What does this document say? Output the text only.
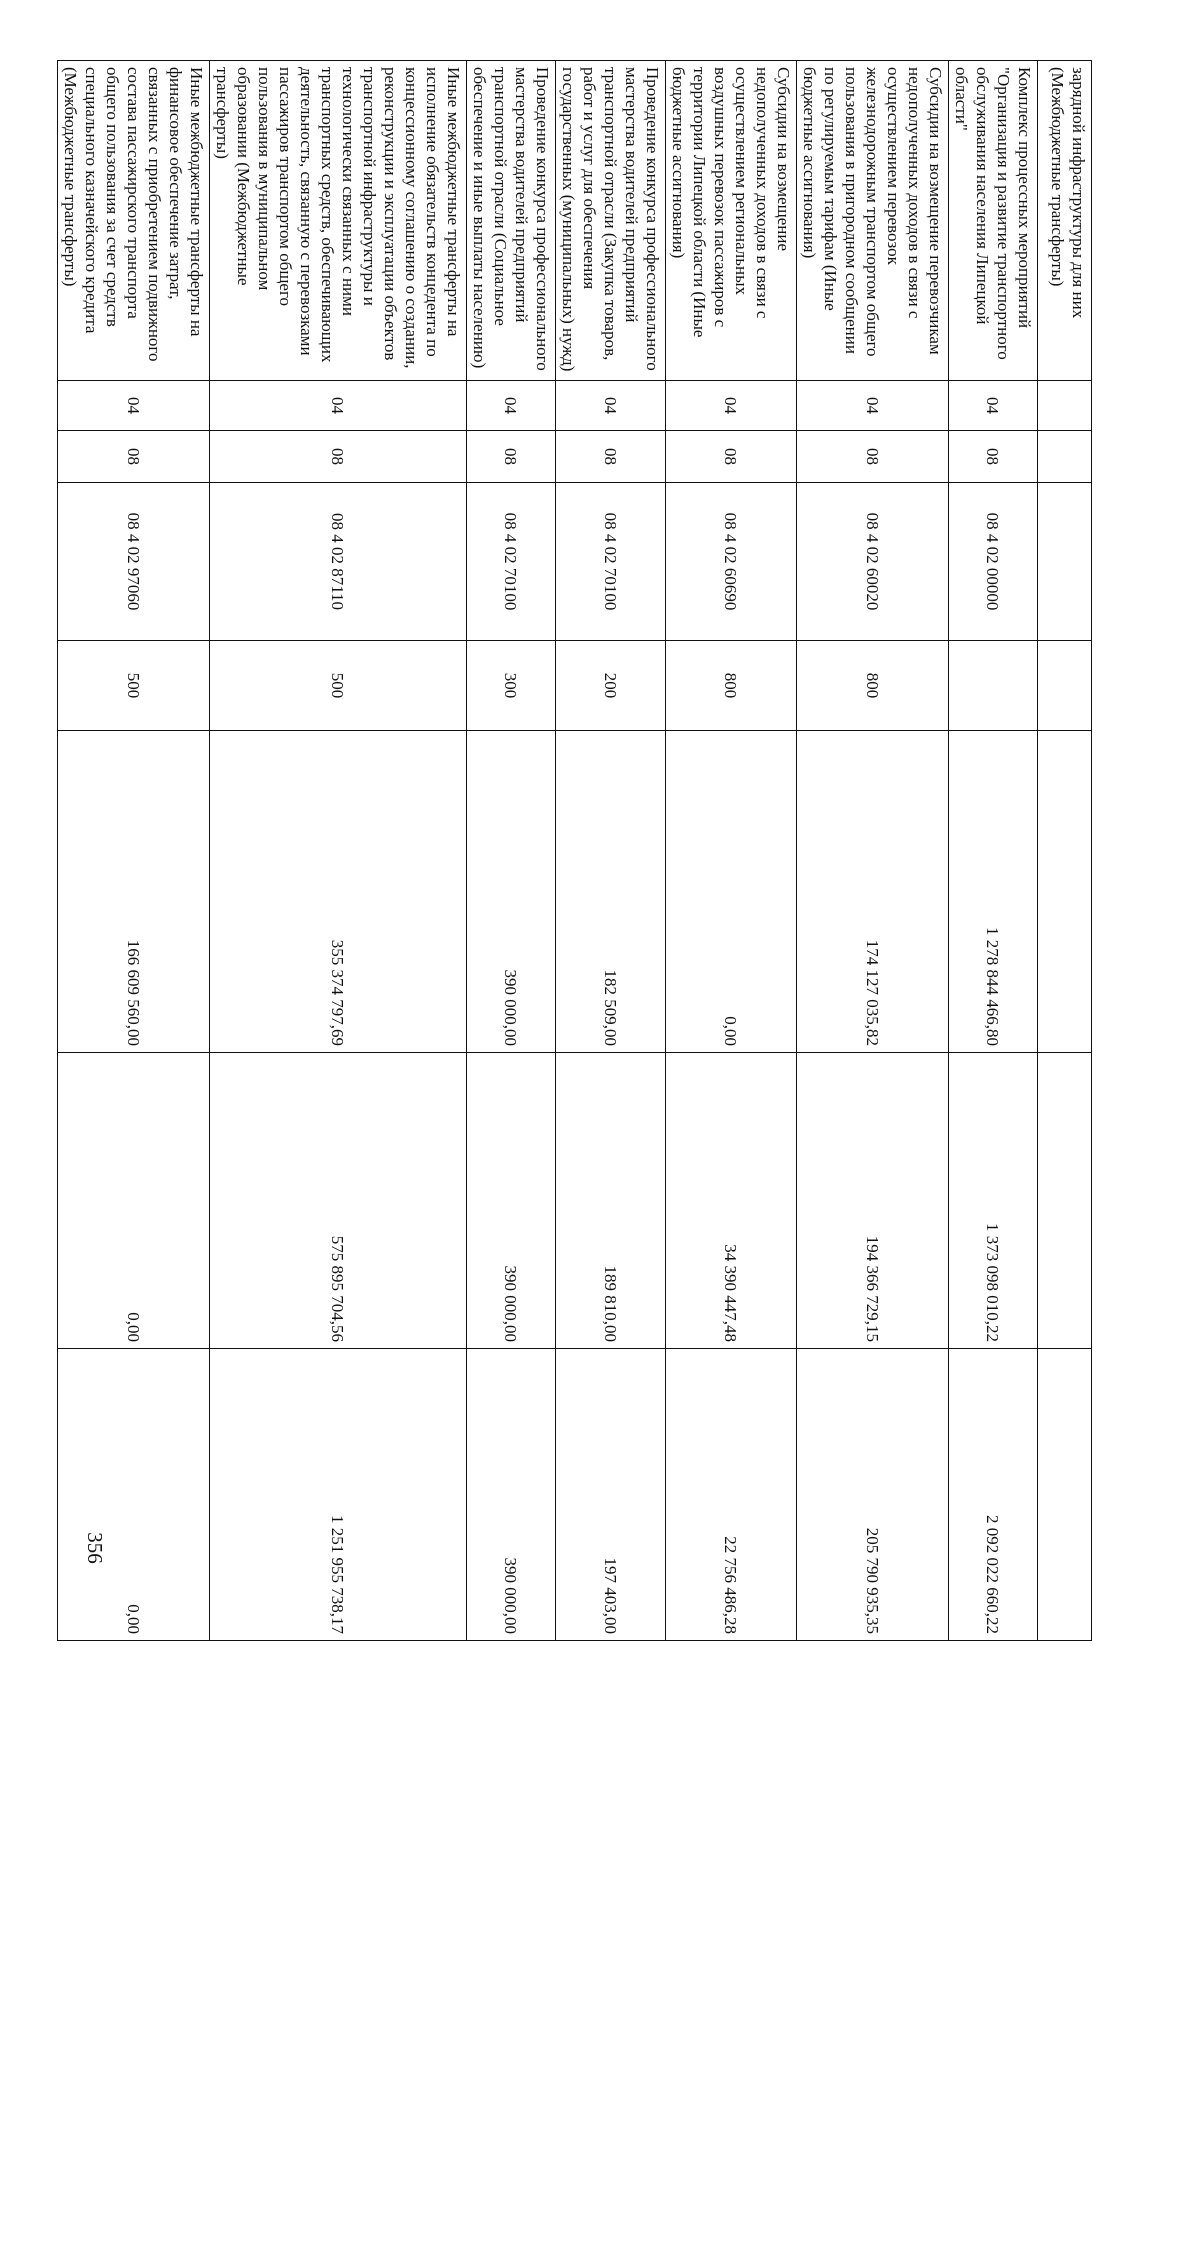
356
зарядной инфраструктуры для них (Межбюджетные трансферты)							
Комплекс процессных мероприятий "Организация и развитие транспортного обслуживания населения Липецкой области"	04	08	08 4 02 00000		1 278 844 466,80	1 373 098 010,22	2 092 022 660,22
Субсидии на возмещение перевозчикам недополученных доходов в связи с осуществлением перевозок железнодорожным транспортом общего пользования в пригородном сообщении по регулируемым тарифам (Иные бюджетные ассигнования)	04	08	08 4 02 60020	800	174 127 035,82	194 366 729,15	205 790 935,35
Субсидии на возмещение недополученных доходов в связи с осуществлением региональных воздушных перевозок пассажиров с территории Липецкой области (Иные бюджетные ассигнования)	04	08	08 4 02 60690	800	0,00	34 390 447,48	22 756 486,28
Проведение конкурса профессионального мастерства водителей предприятий транспортной отрасли (Закупка товаров, работ и услуг для обеспечения государственных (муниципальных) нужд)	04	08	08 4 02 70100	200	182 509,00	189 810,00	197 403,00
Проведение конкурса профессионального мастерства водителей предприятий транспортной отрасли (Социальное обеспечение и иные выплаты населению)	04	08	08 4 02 70100	300	390 000,00	390 000,00	390 000,00
Иные межбюджетные трансферты на исполнение обязательств концедента по концессионному соглашению о создании, реконструкции и эксплуатации объектов транспортной инфраструктуры и технологически связанных с ними транспортных средств, обеспечивающих деятельность, связанную с перевозками пассажиров транспортом общего пользования в муниципальном образовании (Межбюджетные трансферты)	04	08	08 4 02 87110	500	355 374 797,69	575 895 704,56	1 251 955 738,17
Иные межбюджетные трансферты на финансовое обеспечение затрат, связанных с приобретением подвижного состава пассажирского транспорта общего пользования за счет средств специального казначейского кредита (Межбюджетные трансферты)	04	08	08 4 02 97060	500	166 609 560,00	0,00	0,00
